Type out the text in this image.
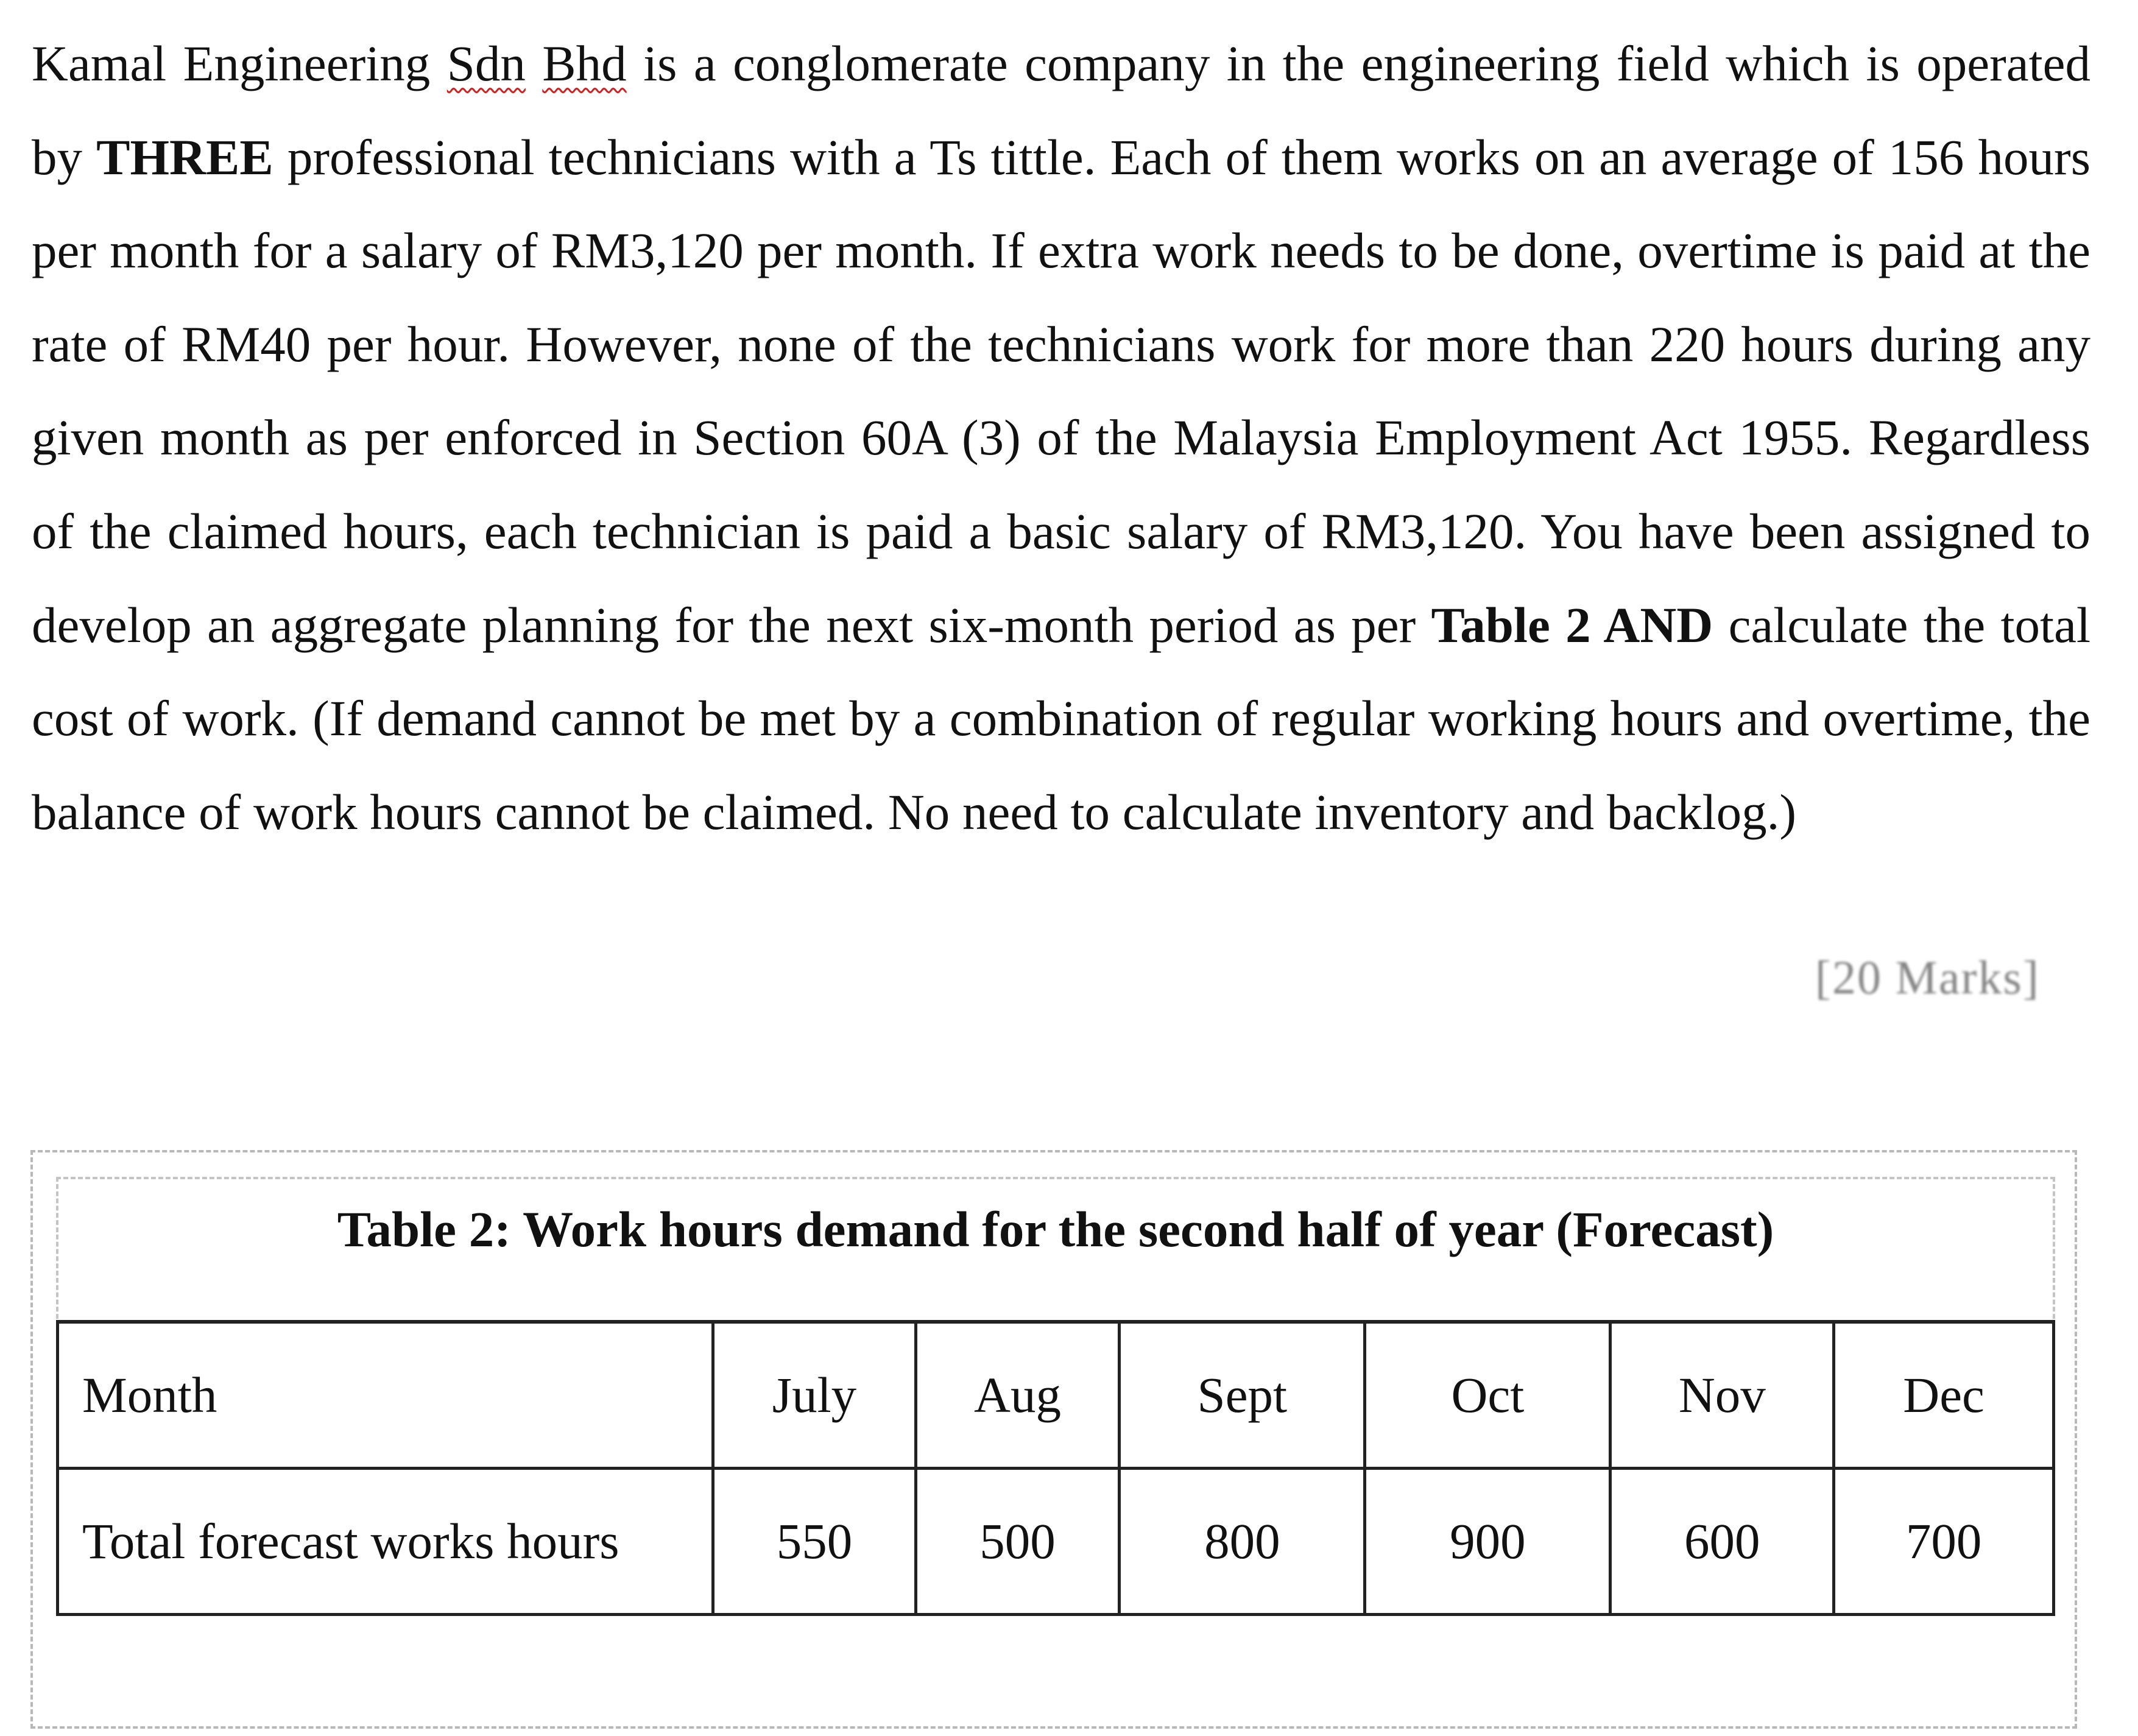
Kamal Engineering Sdn Bhd is a conglomerate company in the engineering field which is operated by THREE professional technicians with a Ts tittle. Each of them works on an average of 156 hours per month for a salary of RM3,120 per month. If extra work needs to be done, overtime is paid at the rate of RM40 per hour. However, none of the technicians work for more than 220 hours during any given month as per enforced in Section 60A (3) of the Malaysia Employment Act 1955. Regardless of the claimed hours, each technician is paid a basic salary of RM3,120. You have been assigned to develop an aggregate planning for the next six-month period as per Table 2 AND calculate the total cost of work. (If demand cannot be met by a combination of regular working hours and overtime, the balance of work hours cannot be claimed. No need to calculate inventory and backlog.)
[20 Marks]
Table 2: Work hours demand for the second half of year (Forecast)
Month	July	Aug	Sept	Oct	Nov	Dec
Total forecast works hours	550	500	800	900	600	700
